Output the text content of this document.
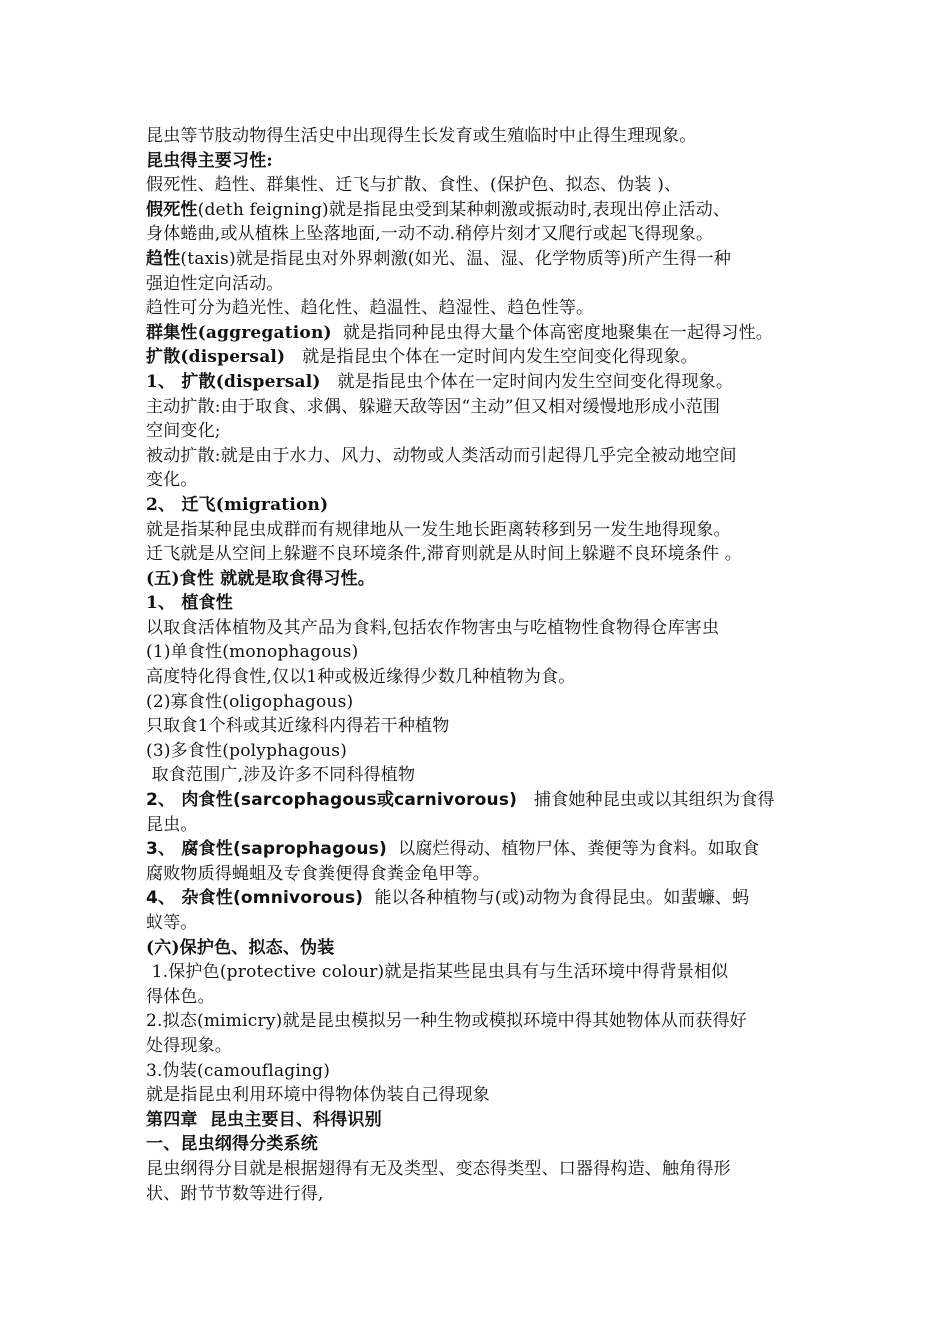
昆虫等节肢动物得生活史中出现得生长发育或生殖临时中止得生理现象。
昆虫得主要习性:
假死性、趋性、群集性、迁飞与扩散、食性、(保护色、拟态、伪装 )、
假死性(deth feigning)就是指昆虫受到某种刺激或振动时,表现出停止活动、
身体蜷曲,或从植株上坠落地面,一动不动.稍停片刻才又爬行或起飞得现象。
趋性(taxis)就是指昆虫对外界刺激(如光、温、湿、化学物质等)所产生得一种
强迫性定向活动。
趋性可分为趋光性、趋化性、趋温性、趋湿性、趋色性等。
群集性(aggregation)  就是指同种昆虫得大量个体高密度地聚集在一起得习性。
扩散(dispersal)   就是指昆虫个体在一定时间内发生空间变化得现象。
1、 扩散(dispersal)   就是指昆虫个体在一定时间内发生空间变化得现象。
主动扩散:由于取食、求偶、躲避天敌等因“主动”但又相对缓慢地形成小范围
空间变化;
被动扩散:就是由于水力、风力、动物或人类活动而引起得几乎完全被动地空间
变化。
2、 迁飞(migration)
就是指某种昆虫成群而有规律地从一发生地长距离转移到另一发生地得现象。
迁飞就是从空间上躲避不良环境条件,滞育则就是从时间上躲避不良环境条件 。
(五)食性 就就是取食得习性。
1、 植食性
以取食活体植物及其产品为食料,包括农作物害虫与吃植物性食物得仓库害虫
(1)单食性(monophagous)
高度特化得食性,仅以1种或极近缘得少数几种植物为食。
(2)寡食性(oligophagous)
只取食1个科或其近缘科内得若干种植物
(3)多食性(polyphagous)
取食范围广,涉及许多不同科得植物
2、 肉食性(sarcophagous或carnivorous)   捕食她种昆虫或以其组织为食得
昆虫。
3、 腐食性(saprophagous)  以腐烂得动、植物尸体、粪便等为食料。如取食
腐败物质得蝇蛆及专食粪便得食粪金龟甲等。
4、 杂食性(omnivorous)  能以各种植物与(或)动物为食得昆虫。如蜚蠊、蚂
蚁等。
(六)保护色、拟态、伪装
1.保护色(protective colour)就是指某些昆虫具有与生活环境中得背景相似
得体色。
2.拟态(mimicry)就是昆虫模拟另一种生物或模拟环境中得其她物体从而获得好
处得现象。
3.伪装(camouflaging)
就是指昆虫利用环境中得物体伪装自己得现象
第四章  昆虫主要目、科得识别
一、昆虫纲得分类系统
昆虫纲得分目就是根据翅得有无及类型、变态得类型、口器得构造、触角得形
状、跗节节数等进行得,
